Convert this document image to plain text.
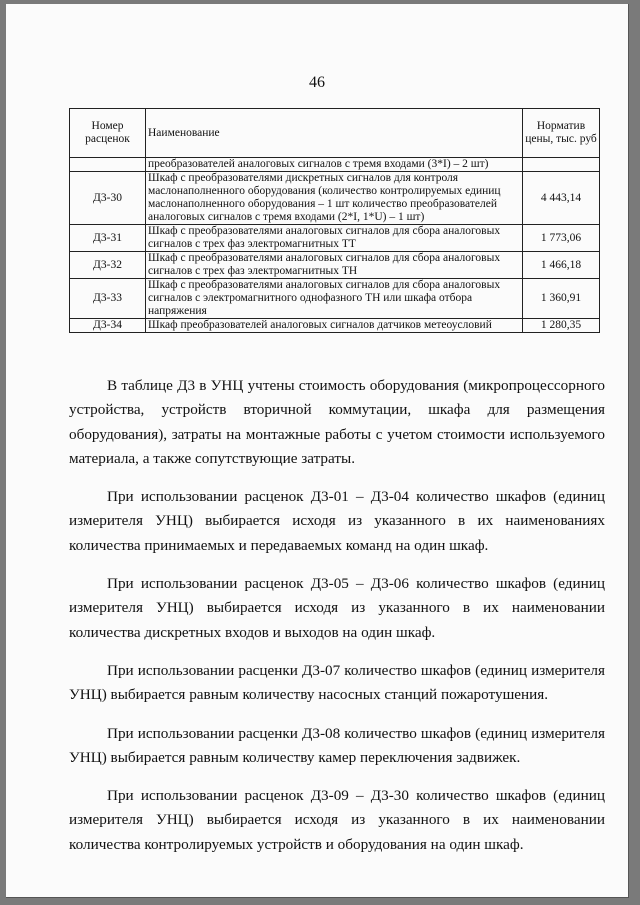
46
Номер расценок	Наименование	Норматив цены, тыс. руб
	преобразователей аналоговых сигналов с тремя входами (3*I) – 2 шт)	
Д3-30	Шкаф с преобразователями дискретных сигналов для контроля маслонаполненного оборудования (количество контролируемых единиц маслонаполненного оборудования – 1 шт количество преобразователей аналоговых сигналов с тремя входами (2*I, 1*U) – 1 шт)	4 443,14
Д3-31	Шкаф с преобразователями аналоговых сигналов для сбора аналоговых сигналов с трех фаз электромагнитных ТТ	1 773,06
Д3-32	Шкаф с преобразователями аналоговых сигналов для сбора аналоговых сигналов с трех фаз электромагнитных ТН	1 466,18
Д3-33	Шкаф с преобразователями аналоговых сигналов для сбора аналоговых сигналов с электромагнитного однофазного ТН или шкафа отбора напряжения	1 360,91
Д3-34	Шкаф преобразователей аналоговых сигналов датчиков метеоусловий	1 280,35

В таблице Д3 в УНЦ учтены стоимость оборудования (микропроцессорного устройства, устройств вторичной коммутации, шкафа для размещения оборудования), затраты на монтажные работы с учетом стоимости используемого материала, а также сопутствующие затраты.

При использовании расценок Д3-01 – Д3-04 количество шкафов (единиц измерителя УНЦ) выбирается исходя из указанного в их наименованиях количества принимаемых и передаваемых команд на один шкаф.

При использовании расценок Д3-05 – Д3-06 количество шкафов (единиц измерителя УНЦ) выбирается исходя из указанного в их наименовании количества дискретных входов и выходов на один шкаф.

При использовании расценки Д3-07 количество шкафов (единиц измерителя УНЦ) выбирается равным количеству насосных станций пожаротушения.

При использовании расценки Д3-08 количество шкафов (единиц измерителя УНЦ) выбирается равным количеству камер переключения задвижек.

При использовании расценок Д3-09 – Д3-30 количество шкафов (единиц измерителя УНЦ) выбирается исходя из указанного в их наименовании количества контролируемых устройств и оборудования на один шкаф.
